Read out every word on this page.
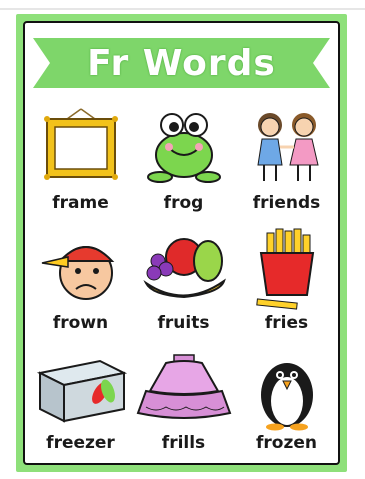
Fr Words
frame	frog	friends
frown	fruits	fries
freezer	frills	frozen
